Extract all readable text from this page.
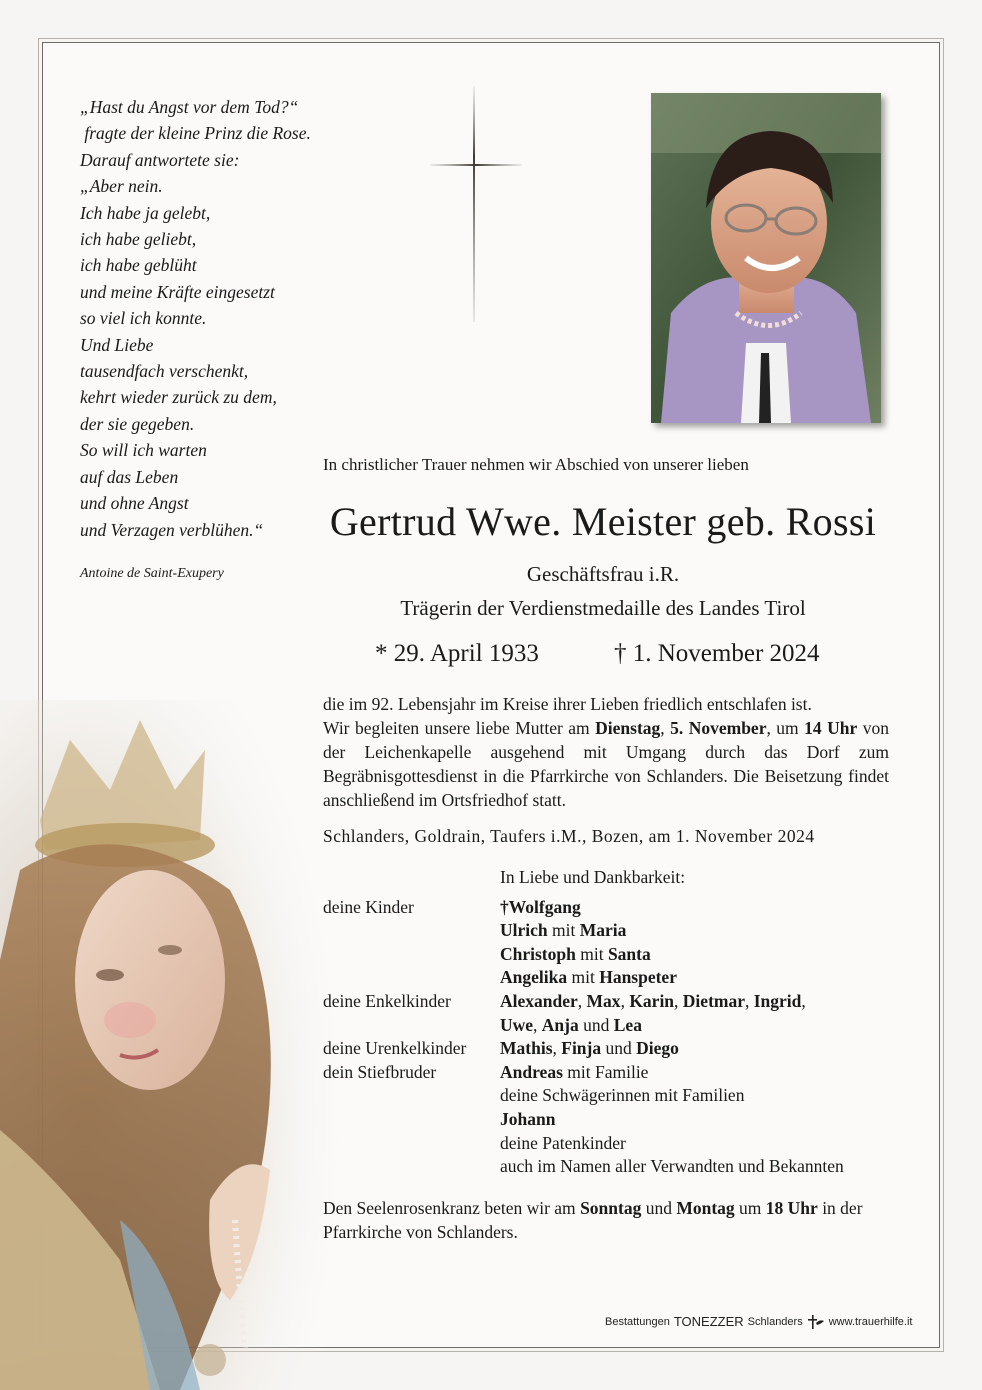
„Hast du Angst vor dem Tod?“
fragte der kleine Prinz die Rose.
Darauf antwortete sie:
„Aber nein.
Ich habe ja gelebt,
ich habe geliebt,
ich habe geblüht
und meine Kräfte eingesetzt
so viel ich konnte.
Und Liebe
tausendfach verschenkt,
kehrt wieder zurück zu dem,
der sie gegeben.
So will ich warten
auf das Leben
und ohne Angst
und Verzagen verblühen.“
Antoine de Saint-Exupery
In christlicher Trauer nehmen wir Abschied von unserer lieben
Gertrud Wwe. Meister geb. Rossi
Geschäftsfrau i.R.
Trägerin der Verdienstmedaille des Landes Tirol
* 29. April 1933	† 1. November 2024
die im 92. Lebensjahr im Kreise ihrer Lieben friedlich entschlafen ist.
Wir begleiten unsere liebe Mutter am Dienstag, 5. November, um 14 Uhr von der Leichenkapelle ausgehend mit Umgang durch das Dorf zum Begräbnisgottesdienst in die Pfarrkirche von Schlanders. Die Beisetzung findet anschließend im Ortsfriedhof statt.
Schlanders, Goldrain, Taufers i.M., Bozen, am 1. November 2024
In Liebe und Dankbarkeit:
deine Kinder	†Wolfgang
Ulrich mit Maria
Christoph mit Santa
Angelika mit Hanspeter
deine Enkelkinder	Alexander, Max, Karin, Dietmar, Ingrid,
Uwe, Anja und Lea
deine Urenkelkinder	Mathis, Finja und Diego
dein Stiefbruder	Andreas mit Familie
deine Schwägerinnen mit Familien
Johann
deine Patenkinder
auch im Namen aller Verwandten und Bekannten
Den Seelenrosenkranz beten wir am Sonntag und Montag um 18 Uhr in der Pfarrkirche von Schlanders.
Bestattungen TONEZZER Schlanders www.trauerhilfe.it
